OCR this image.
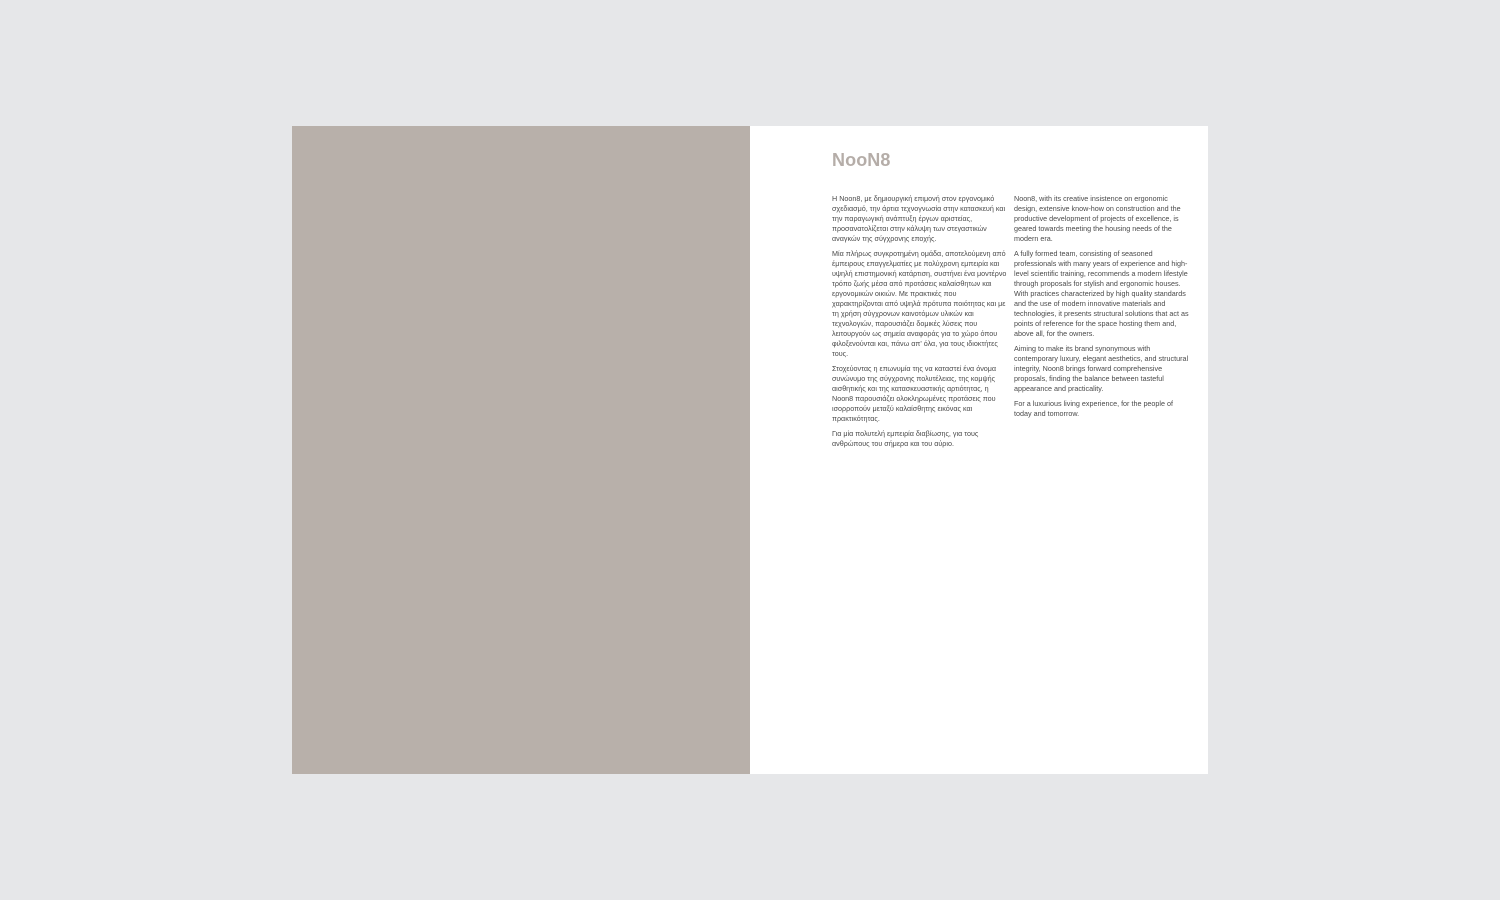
NooN8

Η Noon8, με δημιουργική επιμονή στον εργονομικό σχεδιασμό, την άρτια τεχνογνωσία στην κατασκευή και την παραγωγική ανάπτυξη έργων αριστείας, προσανατολίζεται στην κάλυψη των στεγαστικών αναγκών της σύγχρονης εποχής.

Μία πλήρως συγκροτημένη ομάδα, αποτελούμενη από έμπειρους επαγγελματίες με πολύχρονη εμπειρία και υψηλή επιστημονική κατάρτιση, συστήνει ένα μοντέρνο τρόπο ζωής μέσα από προτάσεις καλαίσθητων και εργονομικών οικιών. Με πρακτικές που χαρακτηρίζονται από υψηλά πρότυπα ποιότητας και με τη χρήση σύγχρονων καινοτόμων υλικών και τεχνολογιών, παρουσιάζει δομικές λύσεις που λειτουργούν ως σημεία αναφοράς για το χώρο όπου φιλοξενούνται και, πάνω απ' όλα, για τους ιδιοκτήτες τους.

Στοχεύοντας η επωνυμία της να καταστεί ένα όνομα συνώνυμο της σύγχρονης πολυτέλειας, της κομψής αισθητικής και της κατασκευαστικής αρτιότητας, η Noon8 παρουσιάζει ολοκληρωμένες προτάσεις που ισορροπούν μεταξύ καλαίσθητης εικόνας και πρακτικότητας.

Για μία πολυτελή εμπειρία διαβίωσης, για τους ανθρώπους του σήμερα και του αύριο.

Noon8, with its creative insistence on ergonomic design, extensive know-how on construction and the productive development of projects of excellence, is geared towards meeting the housing needs of the modern era.

A fully formed team, consisting of seasoned professionals with many years of experience and high-level scientific training, recommends a modern lifestyle through proposals for stylish and ergonomic houses. With practices characterized by high quality standards and the use of modern innovative materials and technologies, it presents structural solutions that act as points of reference for the space hosting them and, above all, for the owners.

Aiming to make its brand synonymous with contemporary luxury, elegant aesthetics, and structural integrity, Noon8 brings forward comprehensive proposals, finding the balance between tasteful appearance and practicality.

For a luxurious living experience, for the people of today and tomorrow.
